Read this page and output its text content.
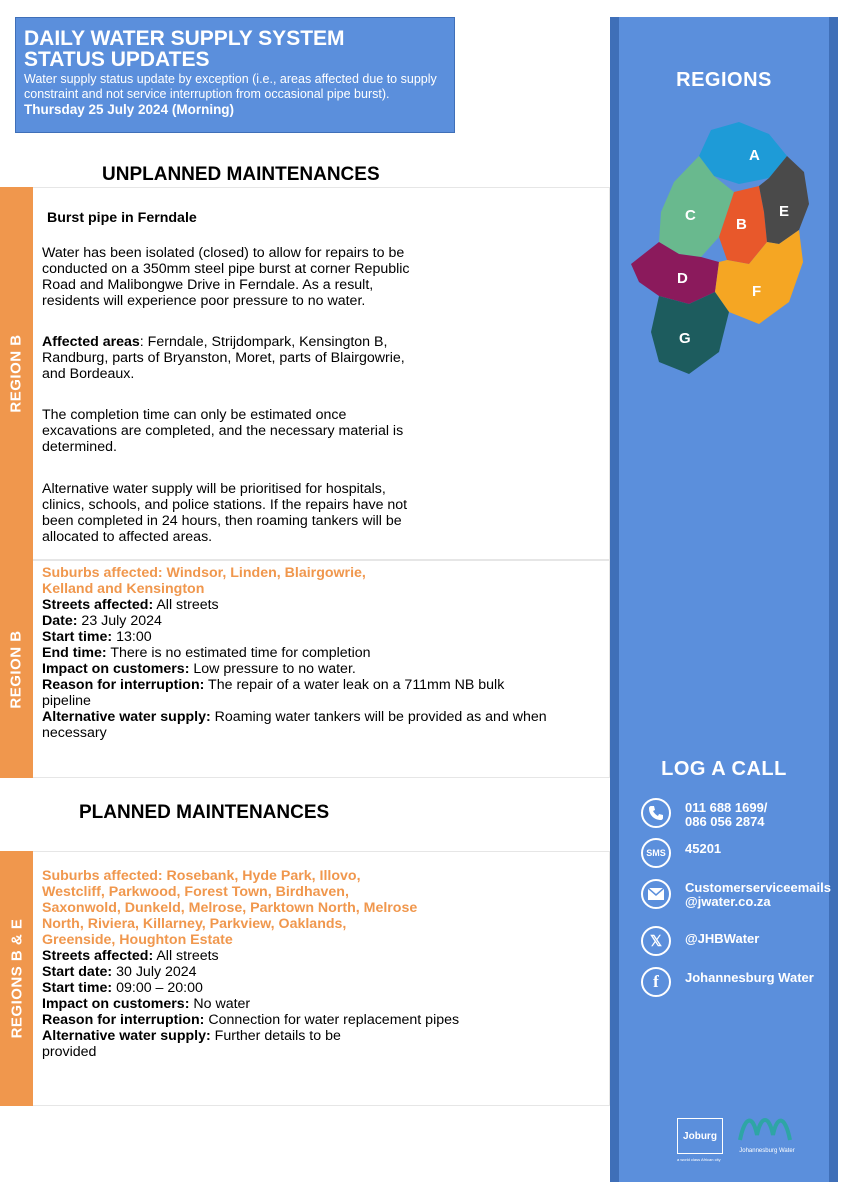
DAILY WATER SUPPLY SYSTEM
STATUS UPDATES
Water supply status update by exception (i.e., areas affected due to supply constraint and not service interruption from occasional pipe burst). Thursday 25 July 2024 (Morning)
UNPLANNED MAINTENANCES
REGION B
Burst pipe in Ferndale
Water has been isolated (closed) to allow for repairs to be
conducted on a 350mm steel pipe burst at corner Republic
Road and Malibongwe Drive in Ferndale. As a result,
residents will experience poor pressure to no water.
Affected areas: Ferndale, Strijdompark, Kensington B,
Randburg, parts of Bryanston, Moret, parts of Blairgowrie,
and Bordeaux.
The completion time can only be estimated once
excavations are completed, and the necessary material is
determined.
Alternative water supply will be prioritised for hospitals,
clinics, schools, and police stations. If the repairs have not
been completed in 24 hours, then roaming tankers will be
allocated to affected areas.
REGION B
Suburbs affected: Windsor, Linden, Blairgowrie,
Kelland and Kensington
Streets affected: All streets
Date: 23 July 2024
Start time: 13:00
End time: There is no estimated time for completion
Impact on customers: Low pressure to no water.
Reason for interruption: The repair of a water leak on a 711mm NB bulk
pipeline
Alternative water supply: Roaming water tankers will be provided as and when
necessary
PLANNED MAINTENANCES
REGIONS B & E
Suburbs affected: Rosebank, Hyde Park, Illovo,
Westcliff, Parkwood, Forest Town, Birdhaven,
Saxonwold, Dunkeld, Melrose, Parktown North, Melrose
North, Riviera, Killarney, Parkview, Oaklands,
Greenside, Houghton Estate
Streets affected: All streets
Start date: 30 July 2024
Start time: 09:00 – 20:00
Impact on customers: No water
Reason for interruption: Connection for water replacement pipes
Alternative water supply: Further details to be
provided
REGIONS
A
B
C
D
E
F
G
LOG A CALL
011 688 1699/
086 056 2874
SMS	45201
Customerserviceemails
@jwater.co.za
𝕏	@JHBWater
f	Johannesburg Water
Joburg
a world class African city
Johannesburg Water
